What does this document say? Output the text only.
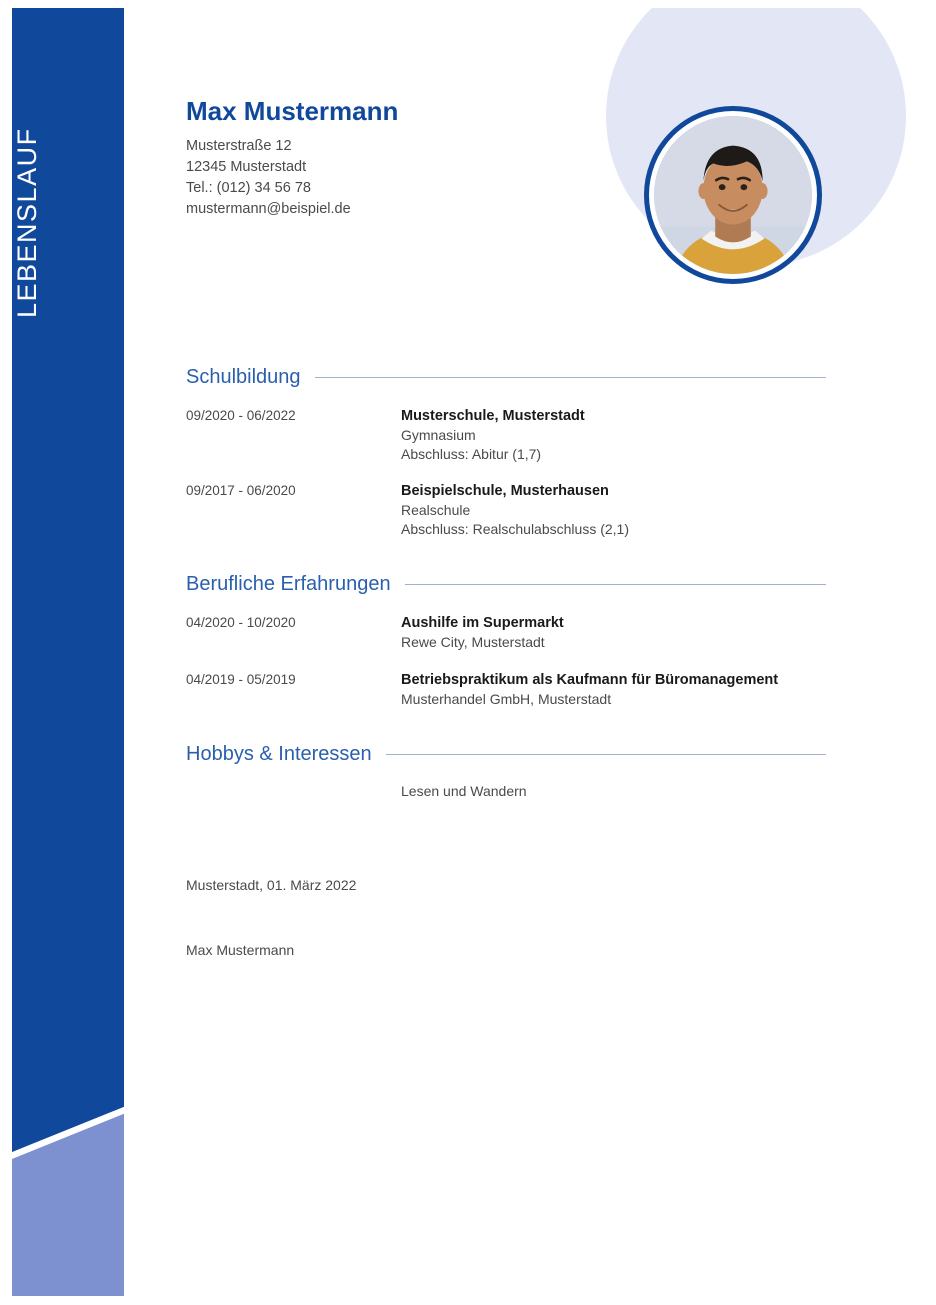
LEBENSLAUF
Max Mustermann
Musterstraße 12
12345 Musterstadt
Tel.: (012) 34 56 78
mustermann@beispiel.de
Schulbildung
09/2020 - 06/2022	Musterschule, Musterstadt
Gymnasium
Abschluss: Abitur (1,7)
09/2017 - 06/2020	Beispielschule, Musterhausen
Realschule
Abschluss: Realschulabschluss (2,1)
Berufliche Erfahrungen
04/2020 - 10/2020	Aushilfe im Supermarkt
Rewe City, Musterstadt
04/2019 - 05/2019	Betriebspraktikum als Kaufmann für Büromanagement
Musterhandel GmbH, Musterstadt
Hobbys & Interessen
Lesen und Wandern
Musterstadt, 01. März 2022
Max Mustermann
